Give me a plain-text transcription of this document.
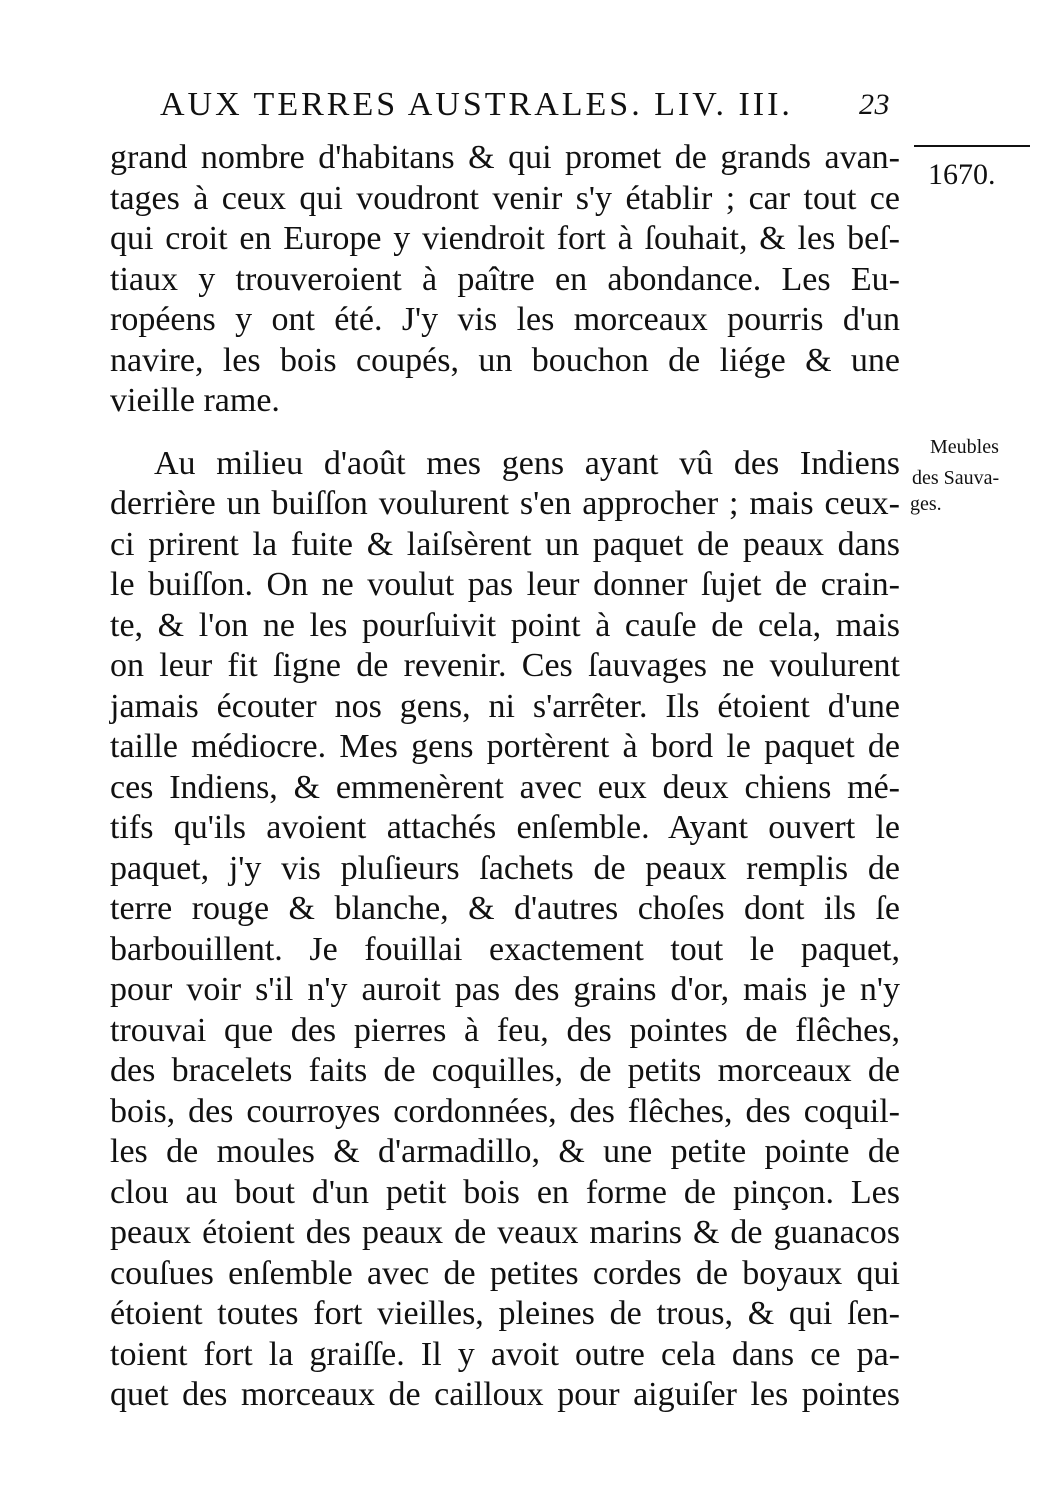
AUX TERRES AUSTRALES. LIV. III. 23
1670.
Meubles
des Sauva-
ges.
grand nombre d'habitans & qui promet de grands avan-
tages à ceux qui voudront venir s'y établir ; car tout ce
qui croit en Europe y viendroit fort à ſouhait, & les beſ-
tiaux y trouveroient à paître en abondance. Les Eu-
ropéens y ont été. J'y vis les morceaux pourris d'un
navire, les bois coupés, un bouchon de liége & une
vieille rame.
Au milieu d'août mes gens ayant vû des Indiens
derrière un buiſſon voulurent s'en approcher ; mais ceux-
ci prirent la fuite & laiſsèrent un paquet de peaux dans
le buiſſon. On ne voulut pas leur donner ſujet de crain-
te, & l'on ne les pourſuivit point à cauſe de cela, mais
on leur fit ſigne de revenir. Ces ſauvages ne voulurent
jamais écouter nos gens, ni s'arrêter. Ils étoient d'une
taille médiocre. Mes gens portèrent à bord le paquet de
ces Indiens, & emmenèrent avec eux deux chiens mé-
tifs qu'ils avoient attachés enſemble. Ayant ouvert le
paquet, j'y vis pluſieurs ſachets de peaux remplis de
terre rouge & blanche, & d'autres choſes dont ils ſe
barbouillent. Je fouillai exactement tout le paquet,
pour voir s'il n'y auroit pas des grains d'or, mais je n'y
trouvai que des pierres à feu, des pointes de flêches,
des bracelets faits de coquilles, de petits morceaux de
bois, des courroyes cordonnées, des flêches, des coquil-
les de moules & d'armadillo, & une petite pointe de
clou au bout d'un petit bois en forme de pinçon. Les
peaux étoient des peaux de veaux marins & de guanacos
couſues enſemble avec de petites cordes de boyaux qui
étoient toutes fort vieilles, pleines de trous, & qui ſen-
toient fort la graiſſe. Il y avoit outre cela dans ce pa-
quet des morceaux de cailloux pour aiguiſer les pointes
